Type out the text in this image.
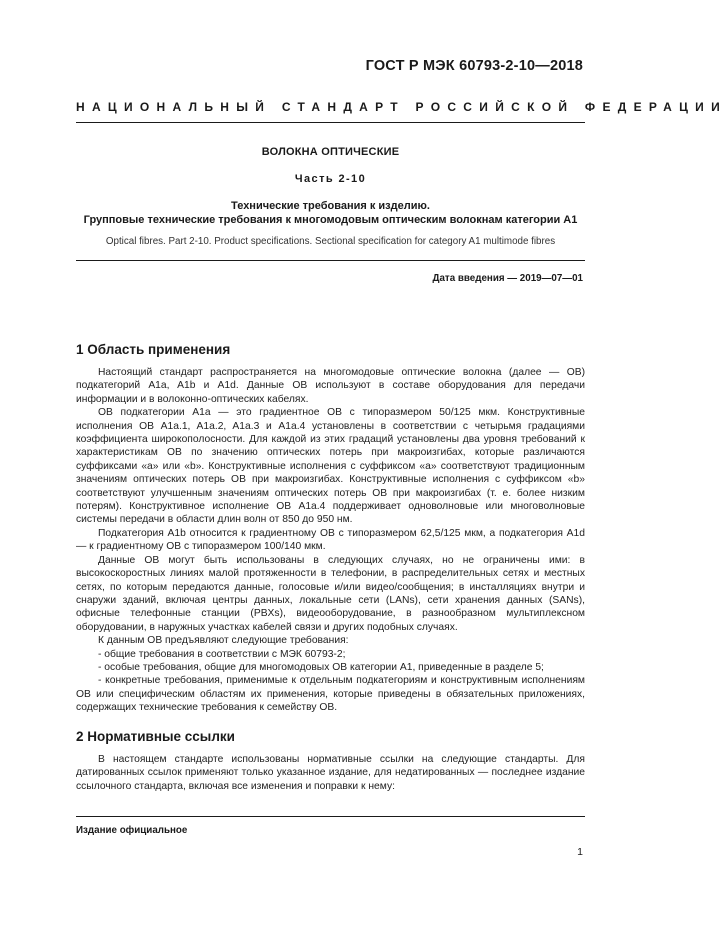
ГОСТ Р МЭК 60793-2-10—2018
НАЦИОНАЛЬНЫЙ СТАНДАРТ РОССИЙСКОЙ ФЕДЕРАЦИИ
ВОЛОКНА ОПТИЧЕСКИЕ
Часть 2-10
Технические требования к изделию.
Групповые технические требования к многомодовым оптическим волокнам категории A1
Optical fibres. Part 2-10. Product specifications. Sectional specification for category A1 multimode fibres
Дата введения — 2019—07—01
1 Область применения

Настоящий стандарт распространяется на многомодовые оптические волокна (далее — ОВ) подкатегорий A1a, A1b и A1d. Данные ОВ используют в составе оборудования для передачи информации и в волоконно-оптических кабелях.

ОВ подкатегории A1a — это градиентное ОВ с типоразмером 50/125 мкм. Конструктивные исполнения ОВ A1a.1, A1a.2, A1a.3 и A1a.4 установлены в соответствии с четырьмя градациями коэффициента широкополосности. Для каждой из этих градаций установлены два уровня требований к характеристикам ОВ по значению оптических потерь при макроизгибах, которые различаются суффиксами «а» или «b». Конструктивные исполнения с суффиксом «а» соответствуют традиционным значениям оптических потерь ОВ при макроизгибах. Конструктивные исполнения с суффиксом «b» соответствуют улучшенным значениям оптических потерь ОВ при макроизгибах (т. е. более низким потерям). Конструктивное исполнение ОВ A1a.4 поддерживает одноволновые или многоволновые системы передачи в области длин волн от 850 до 950 нм.

Подкатегория A1b относится к градиентному ОВ с типоразмером 62,5/125 мкм, а подкатегория A1d — к градиентному ОВ с типоразмером 100/140 мкм.

Данные ОВ могут быть использованы в следующих случаях, но не ограничены ими: в высокоскоростных линиях малой протяженности в телефонии, в распределительных сетях и местных сетях, по которым передаются данные, голосовые и/или видео/сообщения; в инсталляциях внутри и снаружи зданий, включая центры данных, локальные сети (LANs), сети хранения данных (SANs), офисные телефонные станции (PBXs), видеооборудование, в разнообразном мультиплексном оборудовании, в наружных участках кабелей связи и других подобных случаях.

К данным ОВ предъявляют следующие требования:

- общие требования в соответствии с МЭК 60793-2;

- особые требования, общие для многомодовых ОВ категории A1, приведенные в разделе 5;

- конкретные требования, применимые к отдельным подкатегориям и конструктивным исполнениям ОВ или специфическим областям их применения, которые приведены в обязательных приложениях, содержащих технические требования к семейству ОВ.

2 Нормативные ссылки

В настоящем стандарте использованы нормативные ссылки на следующие стандарты. Для датированных ссылок применяют только указанное издание, для недатированных — последнее издание ссылочного стандарта, включая все изменения и поправки к нему:

Издание официальное
1
